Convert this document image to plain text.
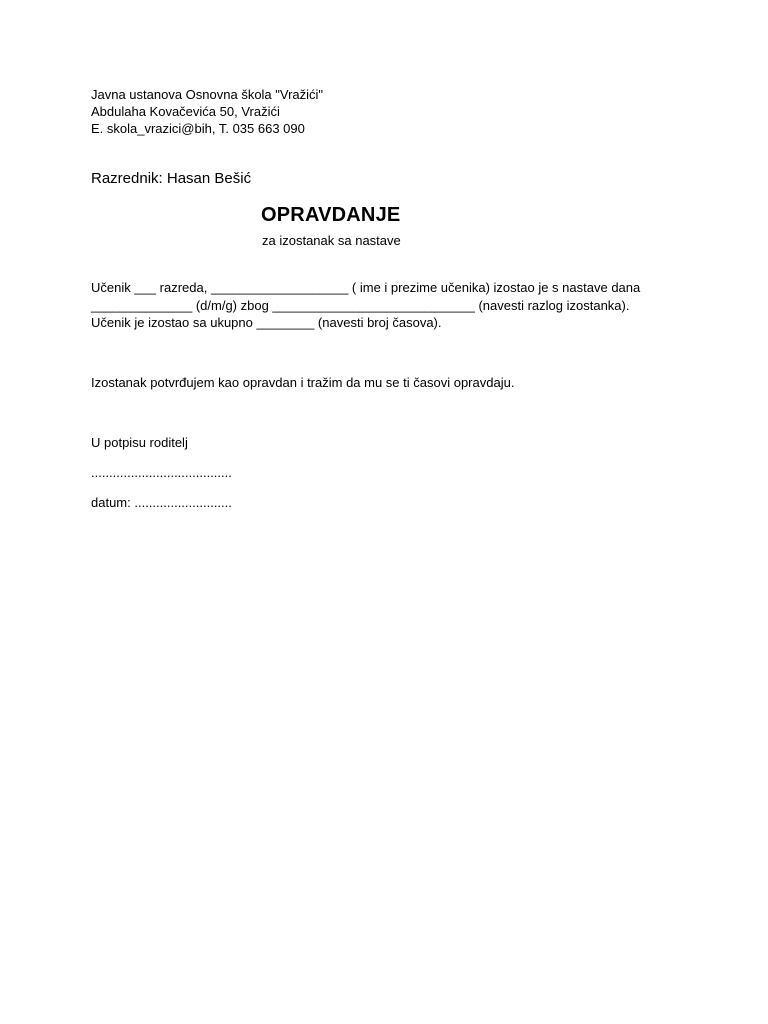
Javna ustanova Osnovna škola "Vražići"
Abdulaha Kovačevića 50, Vražići
E. skola_vrazici@bih, T. 035 663 090
Razrednik: Hasan Bešić
OPRAVDANJE
za izostanak sa nastave
Učenik ___ razreda, ___________________ ( ime i prezime učenika) izostao je s nastave dana
______________ (d/m/g) zbog ____________________________ (navesti razlog izostanka).
Učenik je izostao sa ukupno ________ (navesti broj časova).
Izostanak potvrđujem kao opravdan i tražim da mu se ti časovi opravdaju.
U potpisu roditelj
.......................................
datum: ...........................
